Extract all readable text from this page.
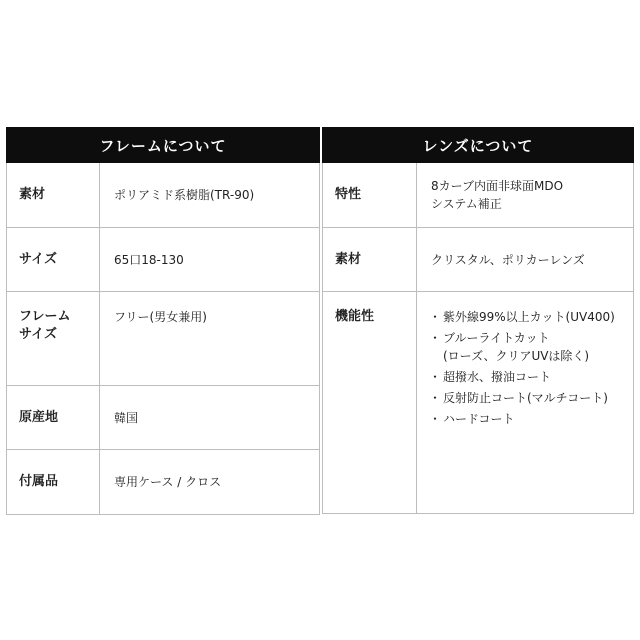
フレームについて
素材	ポリアミド系樹脂(TR-90)
サイズ	65口18-130
フレーム
サイズ
フリー(男女兼用)
原産地	韓国
付属品	専用ケース / クロス
レンズについて
特性
8カーブ内面非球面MDO
システム補正
素材	クリスタル、ポリカーレンズ
機能性
・	紫外線99%以上カット(UV400)
・ ブルーライトカット
(ローズ、クリアUVは除く)
・ 超撥水、撥油コート
・ 反射防止コート(マルチコート)
・ ハードコート
